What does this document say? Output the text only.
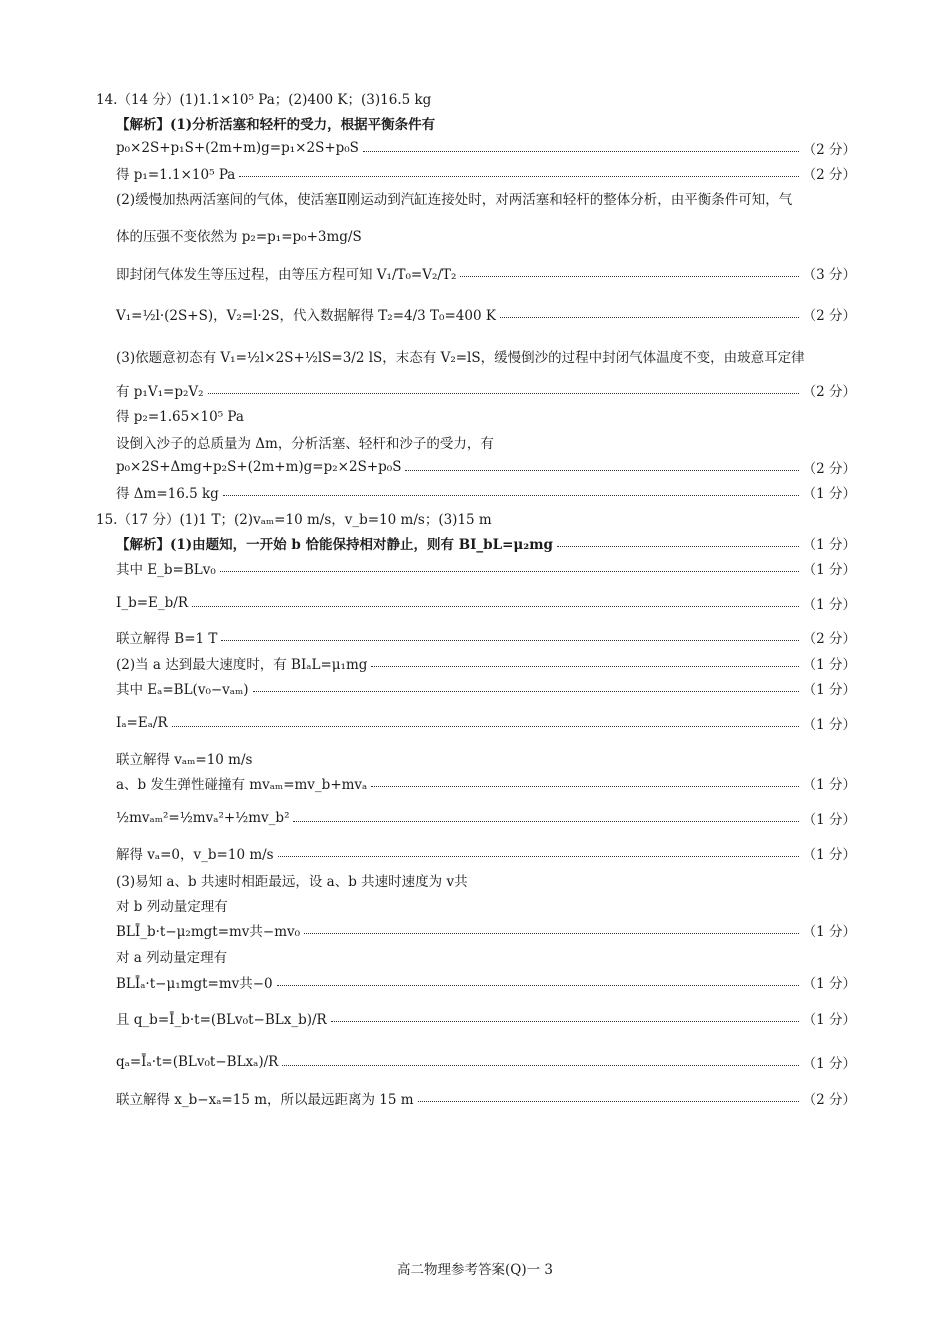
14.（14 分）(1)1.1×10⁵ Pa；(2)400 K；(3)16.5 kg
【解析】(1)分析活塞和轻杆的受力，根据平衡条件有
p₀×2S+p₁S+(2m+m)g=p₁×2S+p₀S	（2 分）
得 p₁=1.1×10⁵ Pa	（2 分）
(2)缓慢加热两活塞间的气体，使活塞Ⅱ刚运动到汽缸连接处时，对两活塞和轻杆的整体分析，由平衡条件可知，气
体的压强不变依然为 p₂=p₁=p₀+3mg/S
即封闭气体发生等压过程，由等压方程可知 V₁/T₀=V₂/T₂	（3 分）
V₁=½l·(2S+S)，V₂=l·2S，代入数据解得 T₂=4/3 T₀=400 K	（2 分）
(3)依题意初态有 V₁=½l×2S+½lS=3/2 lS，末态有 V₂=lS，缓慢倒沙的过程中封闭气体温度不变，由玻意耳定律
有 p₁V₁=p₂V₂	（2 分）
得 p₂=1.65×10⁵ Pa
设倒入沙子的总质量为 Δm，分析活塞、轻杆和沙子的受力，有
p₀×2S+Δmg+p₂S+(2m+m)g=p₂×2S+p₀S	（2 分）
得 Δm=16.5 kg	（1 分）
15.（17 分）(1)1 T；(2)vₐₘ=10 m/s，v_b=10 m/s；(3)15 m
【解析】(1)由题知，一开始 b 恰能保持相对静止，则有 BI_bL=μ₂mg	（1 分）
其中 E_b=BLv₀	（1 分）
I_b=E_b/R	（1 分）
联立解得 B=1 T	（2 分）
(2)当 a 达到最大速度时，有 BIₐL=μ₁mg	（1 分）
其中 Eₐ=BL(v₀−vₐₘ)	（1 分）
Iₐ=Eₐ/R	（1 分）
联立解得 vₐₘ=10 m/s
a、b 发生弹性碰撞有 mvₐₘ=mv_b+mvₐ	（1 分）
½mvₐₘ²=½mvₐ²+½mv_b²	（1 分）
解得 vₐ=0，v_b=10 m/s	（1 分）
(3)易知 a、b 共速时相距最远，设 a、b 共速时速度为 v共
对 b 列动量定理有
BLĪ_b·t−μ₂mgt=mv共−mv₀	（1 分）
对 a 列动量定理有
BLĪₐ·t−μ₁mgt=mv共−0	（1 分）
且 q_b=Ī_b·t=(BLv₀t−BLx_b)/R	（1 分）
qₐ=Īₐ·t=(BLv₀t−BLxₐ)/R	（1 分）
联立解得 x_b−xₐ=15 m，所以最远距离为 15 m	（2 分）
高二物理参考答案(Q)一 3
